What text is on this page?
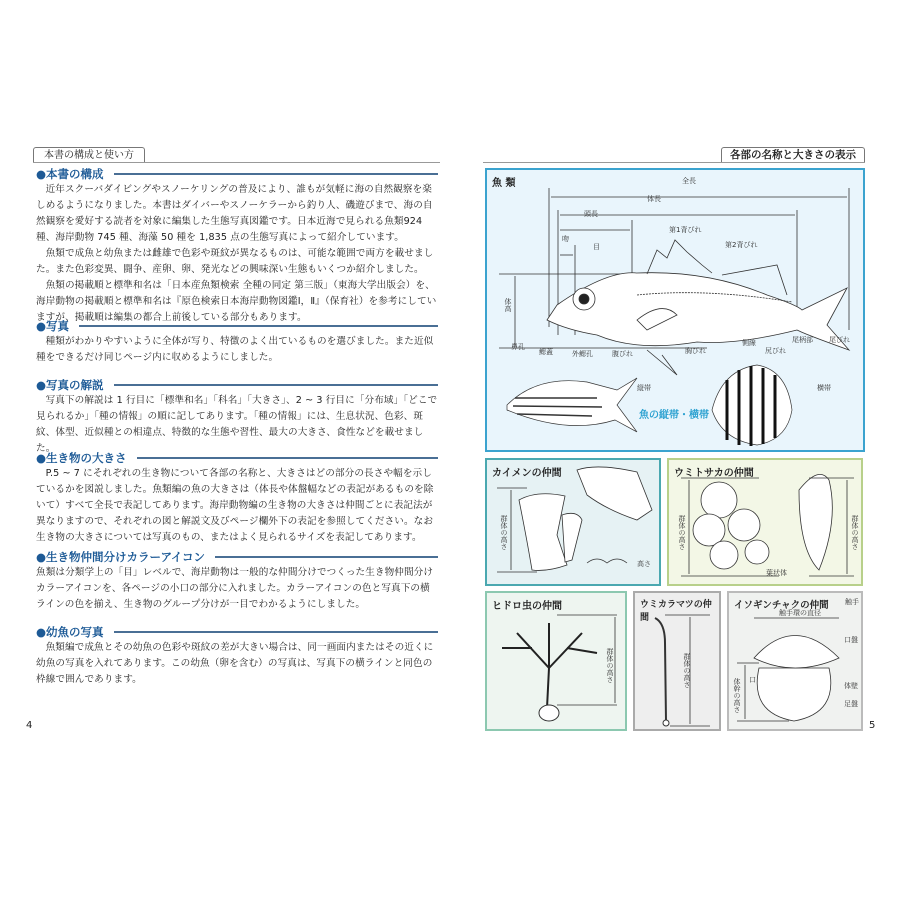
本書の構成と使い方
●本書の構成

近年スクーバダイビングやスノーケリングの普及により、誰もが気軽に海の自然観察を楽しめるようになりました。本書はダイバーやスノーケラーから釣り人、磯遊びまで、海の自然観察を愛好する読者を対象に編集した生態写真図鑑です。日本近海で見られる魚類924 種、海岸動物 745 種、海藻 50 種を 1,835 点の生態写真によって紹介しています。

魚類で成魚と幼魚または雌雄で色彩や斑紋が異なるものは、可能な範囲で両方を載せました。また色彩変異、闘争、産卵、卵、発光などの興味深い生態もいくつか紹介しました。

魚類の掲載順と標準和名は「日本産魚類検索 全種の同定 第三版」（東海大学出版会）を、海岸動物の掲載順と標準和名は『原色検索日本海岸動物図鑑Ⅰ，Ⅱ』（保育社）を参考にしていますが、掲載順は編集の都合上前後している部分もあります。

●写真

種類がわかりやすいように全体が写り、特徴のよく出ているものを選びました。また近似種をできるだけ同じページ内に収めるようにしました。

●写真の解説

写真下の解説は 1 行目に「標準和名」「科名」「大きさ」、2 ~ 3 行目に「分布域」「どこで見られるか」「種の情報」の順に記してあります。「種の情報」には、生息状況、色彩、斑紋、体型、近似種との相違点、特徴的な生態や習性、最大の大きさ、食性などを載せました。

●生き物の大きさ

P.5 ~ 7 にそれぞれの生き物について各部の名称と、大きさはどの部分の長さや幅を示しているかを図説しました。魚類編の魚の大きさは（体長や体盤幅などの表記があるものを除いて）すべて全長で表記してあります。海岸動物編の生き物の大きさは仲間ごとに表記法が異なりますので、それぞれの図と解説文及びページ欄外下の表記を参照してください。なお生き物の大きさについては写真のもの、またはよく見られるサイズを表記してあります。

●生き物仲間分けカラーアイコン

魚類は分類学上の「目」レベルで、海岸動物は一般的な仲間分けでつくった生き物仲間分けカラーアイコンを、各ページの小口の部分に入れました。カラーアイコンの色と写真下の横ラインの色を揃え、生き物のグループ分けが一目でわかるようにしました。

●幼魚の写真

魚類編で成魚とその幼魚の色彩や斑紋の差が大きい場合は、同一画面内またはその近くに幼魚の写真を入れてあります。この幼魚（卵を含む）の写真は、写真下の横ラインと同色の枠線で囲んであります。

4
各部の名称と大きさの表示
魚 類	全長
体長
頭長
吻
目
第1背びれ
第2背びれ
体高
鼻孔
鰓蓋	外鰓孔	腹びれ	胸びれ
側線
尻びれ
尾柄部 尾びれ
縦帯	横帯
魚の縦帯・横帯
カイメンの仲間
群体の高さ
高さ
ウミトサカの仲間
群体の高さ	群体の高さ
葉状体
ヒドロ虫の仲間
群体の高さ
ウミカラマツの仲間
群体の高さ
イソギンチャクの仲間 触手
触手環の直径
口盤
口
体壁
足盤
体幹の高さ
5
